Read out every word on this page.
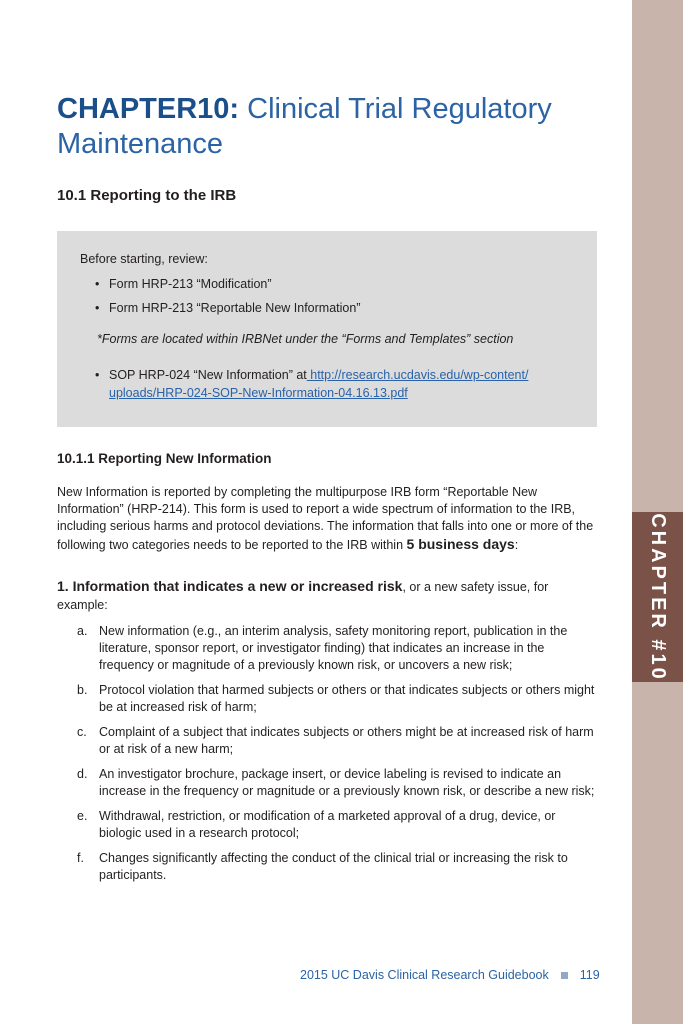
CHAPTER #10
CHAPTER10: Clinical Trial Regulatory
Maintenance
10.1 Reporting to the IRB
Before starting, review:
• Form HRP-213 “Modification”
• Form HRP-213 “Reportable New Information”
*Forms are located within IRBNet under the “Forms and Templates” section
• SOP HRP-024 “New Information” at http://research.ucdavis.edu/wp-content/
uploads/HRP-024-SOP-New-Information-04.16.13.pdf
10.1.1 Reporting New Information
New Information is reported by completing the multipurpose IRB form “Reportable New Information” (HRP-214). This form is used to report a wide spectrum of information to the IRB, including serious harms and protocol deviations. The information that falls into one or more of the following two categories needs to be reported to the IRB within 5 business days:
1. Information that indicates a new or increased risk, or a new safety issue, for example:
a. New information (e.g., an interim analysis, safety monitoring report, publication in the literature, sponsor report, or investigator finding) that indicates an increase in the frequency or magnitude of a previously known risk, or uncovers a new risk;
b. Protocol violation that harmed subjects or others or that indicates subjects or others might be at increased risk of harm;
c. Complaint of a subject that indicates subjects or others might be at increased risk of harm or at risk of a new harm;
d. An investigator brochure, package insert, or device labeling is revised to indicate an increase in the frequency or magnitude or a previously known risk, or describe a new risk;
e. Withdrawal, restriction, or modification of a marketed approval of a drug, device, or biologic used in a research protocol;
f.	Changes significantly affecting the conduct of the clinical trial or increasing the risk to participants.
2015 UC Davis Clinical Research Guidebook 119
